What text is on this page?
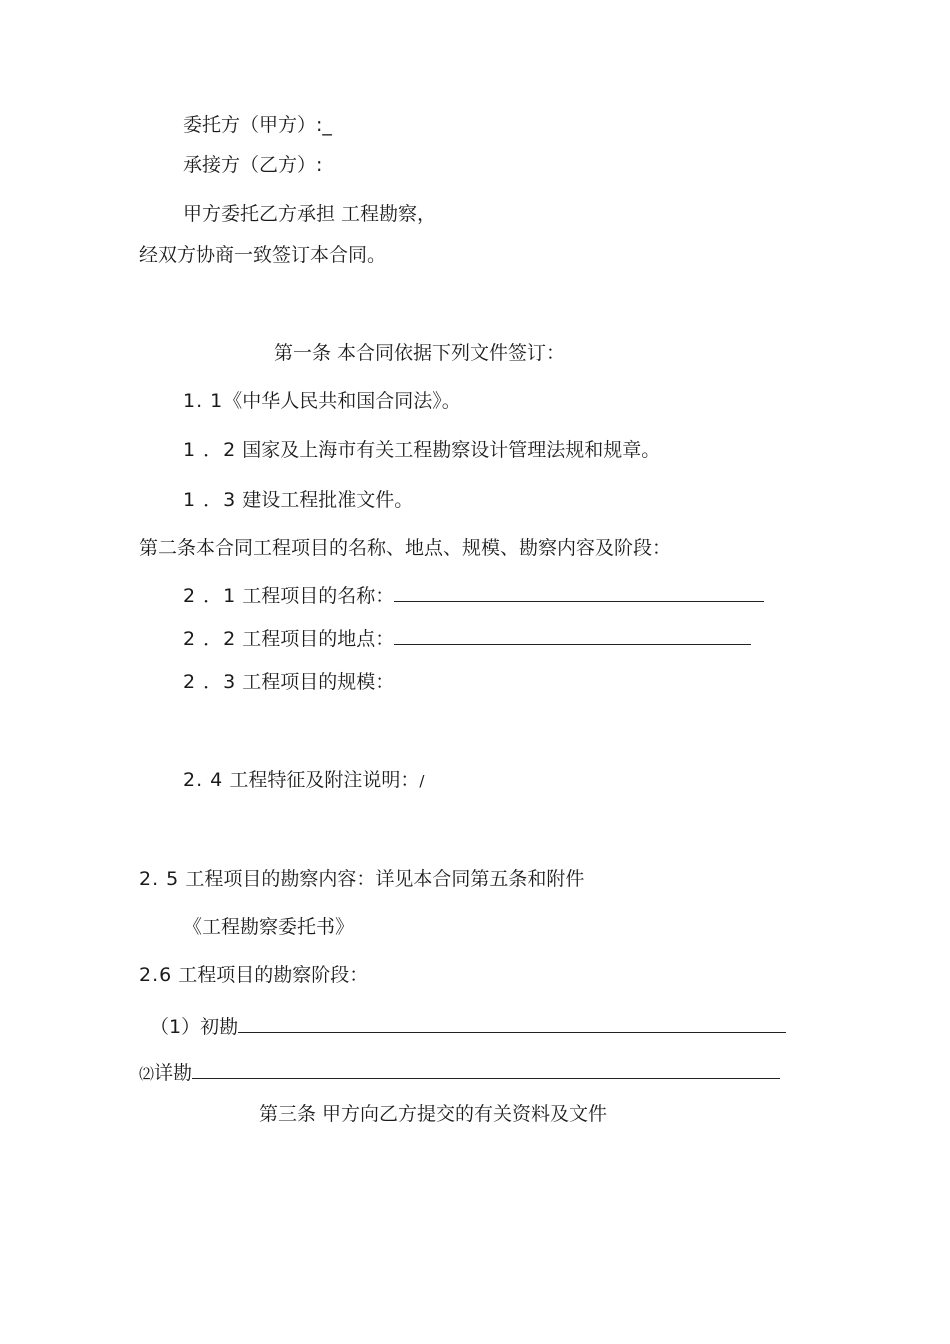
委托方（甲方）:_
承接方（乙方）:
甲方委托乙方承担 工程勘察，
经双方协商一致签订本合同。
第一条 本合同依据下列文件签订：
1. 1《中华人民共和国合同法》。
1 ．2 国家及上海市有关工程勘察设计管理法规和规章。
1 ．3 建设工程批准文件。
第二条本合同工程项目的名称、地点、规模、勘察内容及阶段：
2 ．1 工程项目的名称：
2 ．2 工程项目的地点：
2 ．3 工程项目的规模：
2. 4 工程特征及附注说明：/
2. 5 工程项目的勘察内容：详见本合同第五条和附件
《工程勘察委托书》
2.6 工程项目的勘察阶段：
（1）初勘
⑵详勘
第三条 甲方向乙方提交的有关资料及文件
